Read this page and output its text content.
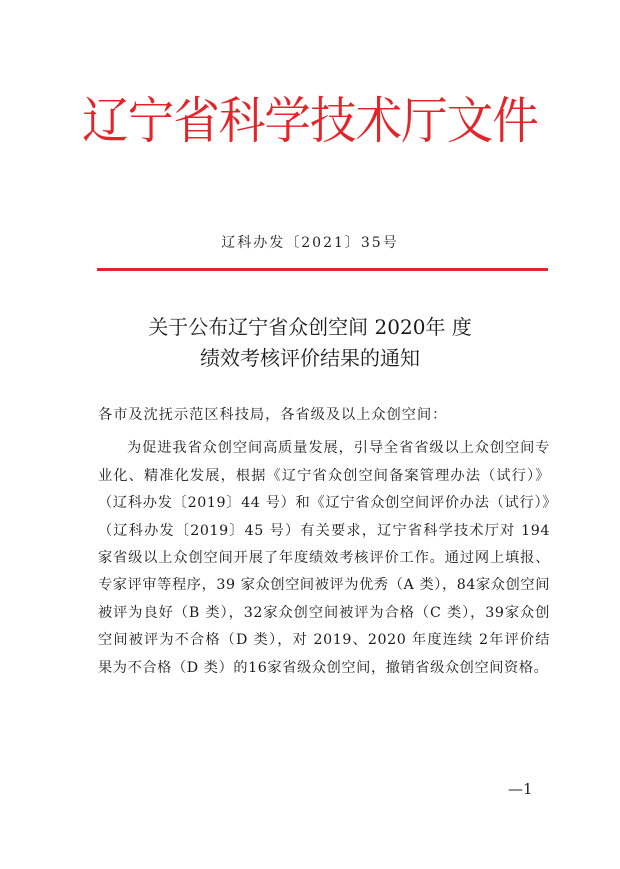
辽宁省科学技术厅文件
辽科办发〔2021〕35号
关于公布辽宁省众创空间 2020年 度
绩效考核评价结果的通知

各市及沈抚示范区科技局，各省级及以上众创空间：

为促进我省众创空间高质量发展，引导全省省级以上众创空间专业化、精准化发展，根据《辽宁省众创空间备案管理办法（试行）》（辽科办发〔2019〕44 号）和《辽宁省众创空间评价办法（试行）》（辽科办发〔2019〕45 号）有关要求，辽宁省科学技术厅对 194 家省级以上众创空间开展了年度绩效考核评价工作。通过网上填报、专家评审等程序，39 家众创空间被评为优秀（A 类），84家众创空间被评为良好（B 类），32家众创空间被评为合格（C 类），39家众创空间被评为不合格（D 类），对 2019、2020 年度连续 2年评价结果为不合格（D 类）的16家省级众创空间，撤销省级众创空间资格。

—1
